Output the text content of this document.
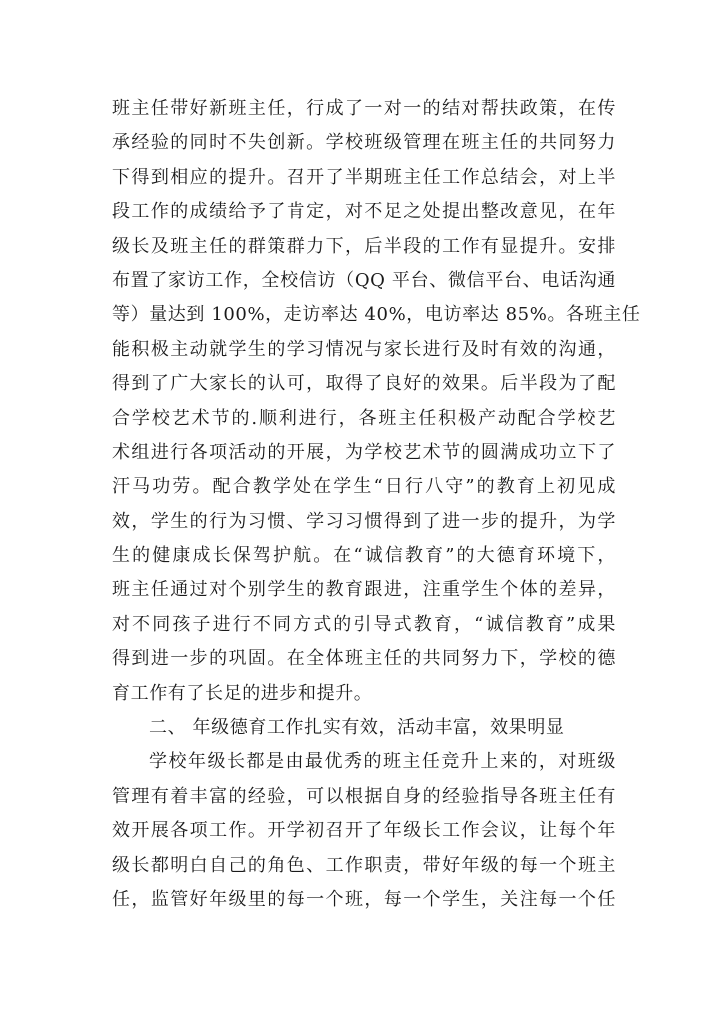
班主任带好新班主任，行成了一对一的结对帮扶政策，在传
承经验的同时不失创新。学校班级管理在班主任的共同努力
下得到相应的提升。召开了半期班主任工作总结会，对上半
段工作的成绩给予了肯定，对不足之处提出整改意见，在年
级长及班主任的群策群力下，后半段的工作有显提升。安排
布置了家访工作，全校信访（QQ 平台、微信平台、电话沟通
等）量达到 100%，走访率达 40%，电访率达 85%。各班主任
能积极主动就学生的学习情况与家长进行及时有效的沟通，
得到了广大家长的认可，取得了良好的效果。后半段为了配
合学校艺术节的.顺利进行，各班主任积极产动配合学校艺
术组进行各项活动的开展，为学校艺术节的圆满成功立下了
汗马功劳。配合教学处在学生“日行八守”的教育上初见成
效，学生的行为习惯、学习习惯得到了进一步的提升，为学
生的健康成长保驾护航。在“诚信教育”的大德育环境下，
班主任通过对个别学生的教育跟进，注重学生个体的差异，
对不同孩子进行不同方式的引导式教育，“诚信教育”成果
得到进一步的巩固。在全体班主任的共同努力下，学校的德
育工作有了长足的进步和提升。
二、 年级德育工作扎实有效，活动丰富，效果明显
学校年级长都是由最优秀的班主任竞升上来的，对班级
管理有着丰富的经验，可以根据自身的经验指导各班主任有
效开展各项工作。开学初召开了年级长工作会议，让每个年
级长都明白自己的角色、工作职责，带好年级的每一个班主
任，监管好年级里的每一个班，每一个学生，关注每一个任
